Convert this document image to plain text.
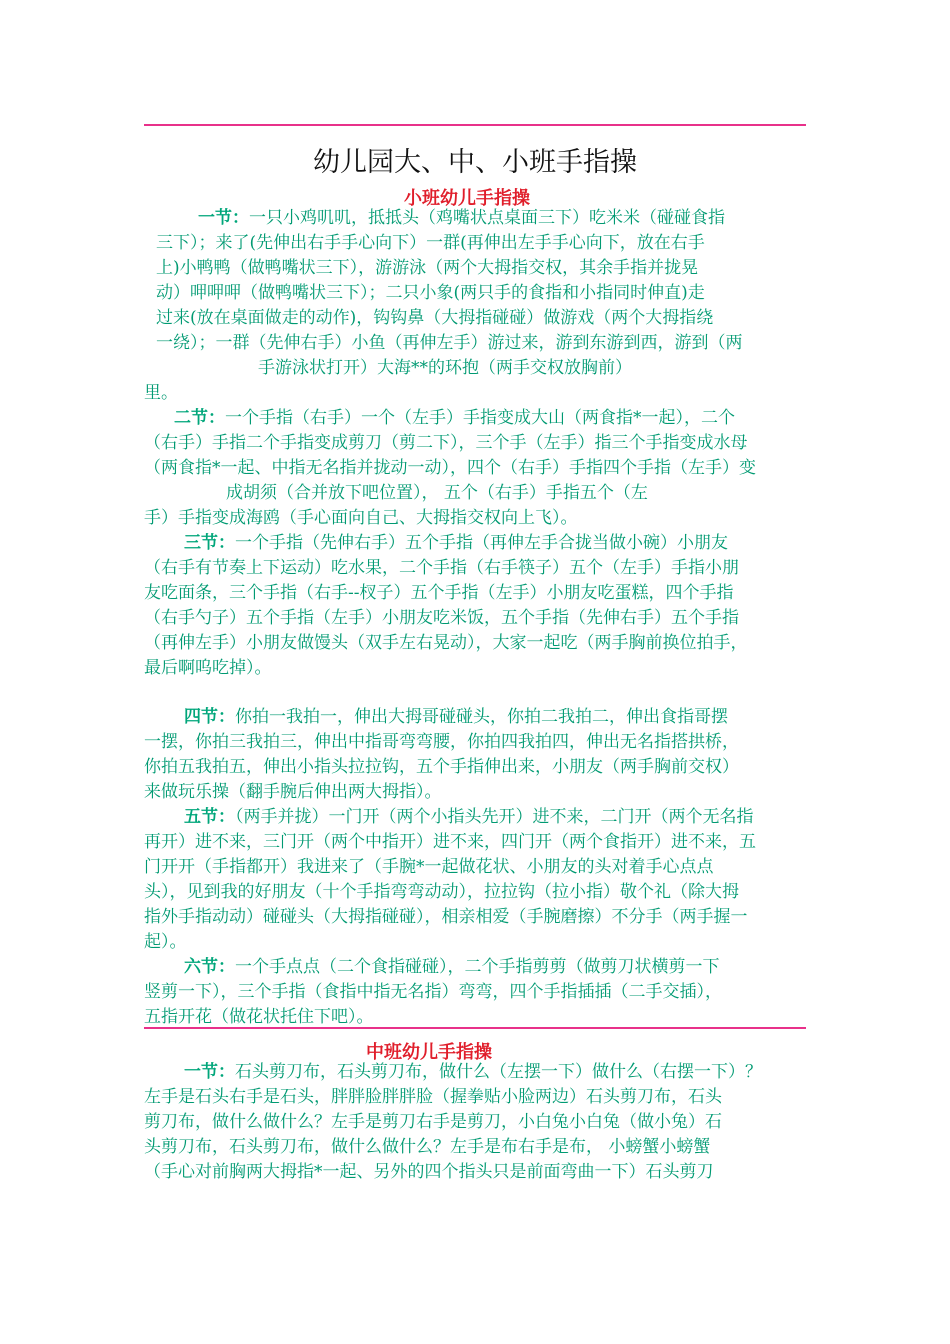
幼儿园大、中、小班手指操
小班幼儿手指操
一节：一只小鸡叽叽，抵抵头（鸡嘴状点桌面三下）吃米米（碰碰食指
三下）；来了(先伸出右手手心向下）一群(再伸出左手手心向下，放在右手
上)小鸭鸭（做鸭嘴状三下），游游泳（两个大拇指交权，其余手指并拢晃
动）呷呷呷（做鸭嘴状三下）；二只小象(两只手的食指和小指同时伸直)走
过来(放在桌面做走的动作)，钩钩鼻（大拇指碰碰）做游戏（两个大拇指绕
一绕）；一群（先伸右手）小鱼（再伸左手）游过来，游到东游到西，游到（两
手游泳状打开）大海**的环抱（两手交权放胸前）
里。
二节：一个手指（右手）一个（左手）手指变成大山（两食指*一起），二个
（右手）手指二个手指变成剪刀（剪二下），三个手（左手）指三个手指变成水母
（两食指*一起、中指无名指并拢动一动），四个（右手）手指四个手指（左手）变
成胡须（合并放下吧位置）， 五个（右手）手指五个（左
手）手指变成海鸥（手心面向自己、大拇指交权向上飞）。
三节：一个手指（先伸右手）五个手指（再伸左手合拢当做小碗）小朋友
（右手有节奏上下运动）吃水果，二个手指（右手筷子）五个（左手）手指小朋
友吃面条，三个手指（右手--杈子）五个手指（左手）小朋友吃蛋糕，四个手指
（右手勺子）五个手指（左手）小朋友吃米饭，五个手指（先伸右手）五个手指
（再伸左手）小朋友做馒头（双手左右晃动），大家一起吃（两手胸前换位拍手，
最后啊呜吃掉）。
四节：你拍一我拍一，伸出大拇哥碰碰头，你拍二我拍二，伸出食指哥摆
一摆，你拍三我拍三，伸出中指哥弯弯腰，你拍四我拍四，伸出无名指搭拱桥，
你拍五我拍五，伸出小指头拉拉钩，五个手指伸出来，小朋友（两手胸前交权）
来做玩乐操（翻手腕后伸出两大拇指）。
五节：（两手并拢）一门开（两个小指头先开）进不来，二门开（两个无名指
再开）进不来，三门开（两个中指开）进不来，四门开（两个食指开）进不来，五
门开开（手指都开）我进来了（手腕*一起做花状、小朋友的头对着手心点点
头），见到我的好朋友（十个手指弯弯动动），拉拉钩（拉小指）敬个礼（除大拇
指外手指动动）碰碰头（大拇指碰碰），相亲相爱（手腕磨擦）不分手（两手握一
起）。
六节：一个手点点（二个食指碰碰），二个手指剪剪（做剪刀状横剪一下
竖剪一下），三个手指（食指中指无名指）弯弯，四个手指插插（二手交插），
五指开花（做花状托住下吧）。
中班幼儿手指操
一节：石头剪刀布，石头剪刀布，做什么（左摆一下）做什么（右摆一下）？
左手是石头右手是石头，胖胖脸胖胖脸（握拳贴小脸两边）石头剪刀布，石头
剪刀布，做什么做什么？左手是剪刀右手是剪刀，小白兔小白兔（做小兔）石
头剪刀布，石头剪刀布，做什么做什么？左手是布右手是布， 小螃蟹小螃蟹
（手心对前胸两大拇指*一起、另外的四个指头只是前面弯曲一下）石头剪刀
